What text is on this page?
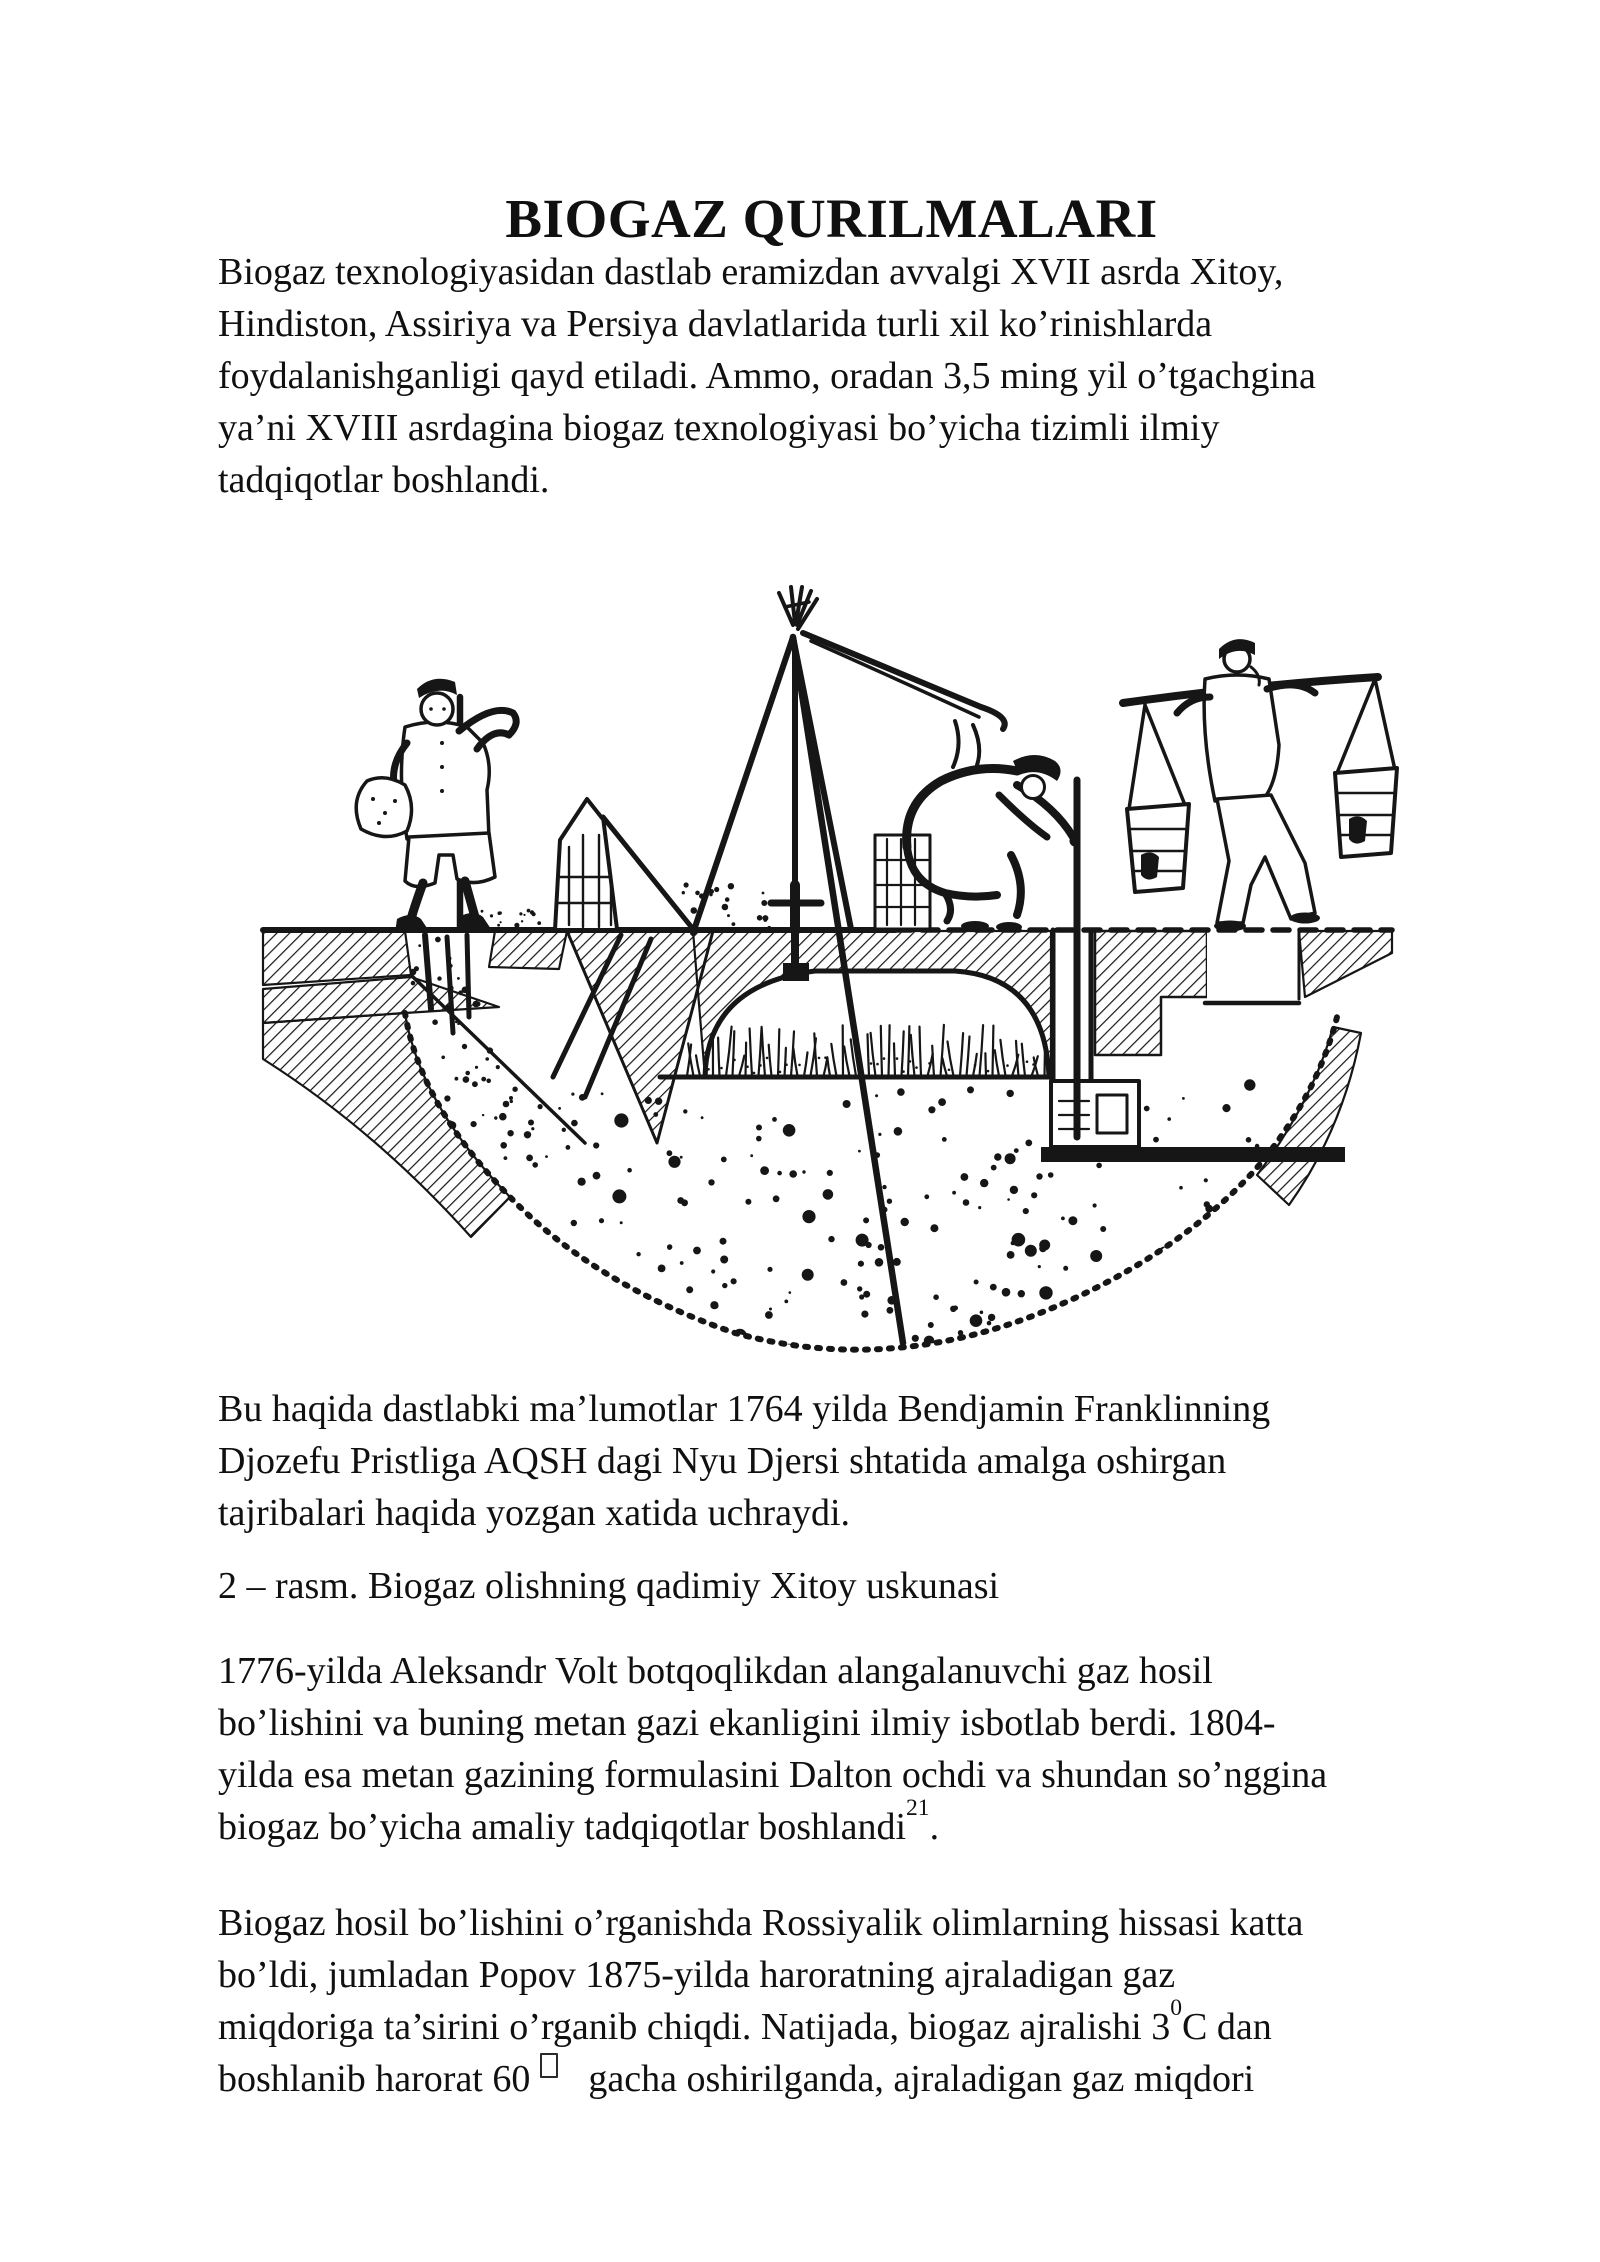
BIOGAZ QURILMALARI
Biogaz texnologiyasidan dastlab eramizdan avvalgi XVII asrda Xitoy,
Hindiston, Assiriya va Persiya davlatlarida turli xil ko’rinishlarda
foydalanishganligi qayd etiladi. Ammo, oradan 3,5 ming yil o’tgachgina
ya’ni XVIII asrdagina biogaz texnologiyasi bo’yicha tizimli ilmiy
tadqiqotlar boshlandi.
Bu haqida dastlabki ma’lumotlar 1764 yilda Bendjamin Franklinning
Djozefu Pristliga AQSH dagi Nyu Djersi shtatida amalga oshirgan
tajribalari haqida yozgan xatida uchraydi.
2 – rasm. Biogaz olishning qadimiy Xitoy uskunasi
1776-yilda Aleksandr Volt botqoqlikdan alangalanuvchi gaz hosil
bo’lishini va buning metan gazi ekanligini ilmiy isbotlab berdi. 1804-
yilda esa metan gazining formulasini Dalton ochdi va shundan so’nggina
biogaz bo’yicha amaliy tadqiqotlar boshlandi$^{21}$.
Biogaz hosil bo’lishini o’rganishda Rossiyalik olimlarning hissasi katta
bo’ldi, jumladan Popov 1875-yilda haroratning ajraladigan gaz
miqdoriga ta’sirini o’rganib chiqdi. Natijada, biogaz ajralishi $3^0C$ dan
boshlanib harorat 60 gacha oshirilganda, ajraladigan gaz miqdori
